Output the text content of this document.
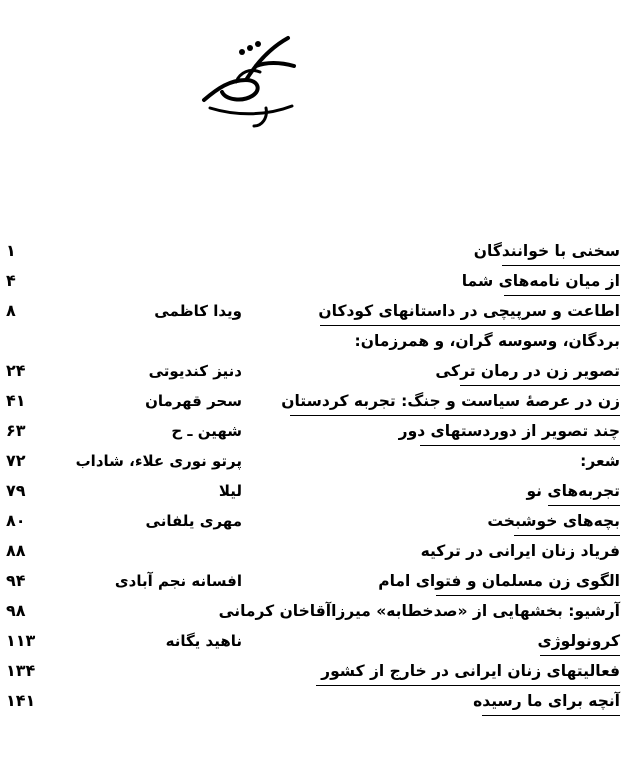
سخنی با خوانندگان
۱
از میان نامه‌های شما
۴
اطاعت و سرپیچی در داستانهای کودکان
ویدا کاظمی
۸
بردگان، وسوسه گران، و همرزمان:
تصویر زن در رمان ترکی
دنیز کندیوتی
۲۴
زن در عرصهٔ سیاست و جنگ: تجربه کردستان
سحر قهرمان
۴۱
چند تصویر از دوردستهای دور
شهین ـ ح
۶۳
شعر:
پرتو نوری علاء، شاداب
۷۲
تجربه‌های نو
لیلا
۷۹
بچه‌های خوشبخت
مهری یلفانی
۸۰
فریاد زنان ایرانی در ترکیه
۸۸
الگوی زن مسلمان و فتوای امام
افسانه نجم آبادی
۹۴
آرشیو: بخشهایی از «صدخطابه» میرزاآقاخان کرمانی
۹۸
کرونولوژی
ناهید یگانه
۱۱۳
فعالیتهای زنان ایرانی در خارج از کشور
۱۳۴
آنچه برای ما رسیده
۱۴۱
